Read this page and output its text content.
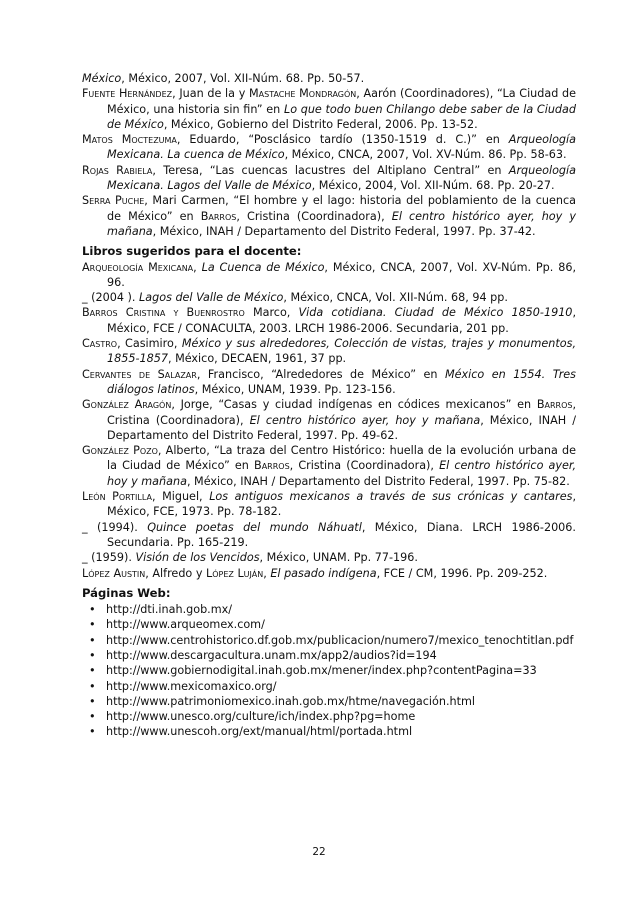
México, México, 2007, Vol. XII-Núm. 68. Pp. 50-57.

Fuente Hernández, Juan de la y Mastache Mondragón, Aarón (Coordinadores), “La Ciudad de México, una historia sin fin” en Lo que todo buen Chilango debe saber de la Ciudad de México, México, Gobierno del Distrito Federal, 2006. Pp. 13-52.

Matos Moctezuma, Eduardo, “Posclásico tardío (1350-1519 d. C.)” en Arqueología Mexicana. La cuenca de México, México, CNCA, 2007, Vol. XV-Núm. 86. Pp. 58-63.

Rojas Rabiela, Teresa, “Las cuencas lacustres del Altiplano Central” en Arqueología Mexicana. Lagos del Valle de México, México, 2004, Vol. XII-Núm. 68. Pp. 20-27.

Serra Puche, Mari Carmen, “El hombre y el lago: historia del poblamiento de la cuenca de México” en Barros, Cristina (Coordinadora), El centro histórico ayer, hoy y mañana, México, INAH / Departamento del Distrito Federal, 1997. Pp. 37-42.

Libros sugeridos para el docente:

Arqueología Mexicana, La Cuenca de México, México, CNCA, 2007, Vol. XV-Núm. Pp. 86, 96.

_ (2004 ). Lagos del Valle de México, México, CNCA, Vol. XII-Núm. 68, 94 pp.

Barros Cristina y Buenrostro Marco, Vida cotidiana. Ciudad de México 1850-1910, México, FCE / CONACULTA, 2003. LRCH 1986-2006. Secundaria, 201 pp.

Castro, Casimiro, México y sus alrededores, Colección de vistas, trajes y monumentos, 1855-1857, México, DECAEN, 1961, 37 pp.

Cervantes de Salazar, Francisco, “Alrededores de México” en México en 1554. Tres diálogos latinos, México, UNAM, 1939. Pp. 123-156.

González Aragón, Jorge, “Casas y ciudad indígenas en códices mexicanos” en Barros, Cristina (Coordinadora), El centro histórico ayer, hoy y mañana, México, INAH / Departamento del Distrito Federal, 1997. Pp. 49-62.

González Pozo, Alberto, “La traza del Centro Histórico: huella de la evolución urbana de la Ciudad de México” en Barros, Cristina (Coordinadora), El centro histórico ayer, hoy y mañana, México, INAH / Departamento del Distrito Federal, 1997. Pp. 75-82.

León Portilla, Miguel, Los antiguos mexicanos a través de sus crónicas y cantares, México, FCE, 1973. Pp. 78-182.

_ (1994). Quince poetas del mundo Náhuatl, México, Diana. LRCH 1986-2006. Secundaria. Pp. 165-219.

_ (1959). Visión de los Vencidos, México, UNAM. Pp. 77-196.

López Austin, Alfredo y López Luján, El pasado indígena, FCE / CM, 1996. Pp. 209-252.

Páginas Web:
• http://dti.inah.gob.mx/
• http://www.arqueomex.com/
• http://www.centrohistorico.df.gob.mx/publicacion/numero7/mexico_tenochtitlan.pdf
• http://www.descargacultura.unam.mx/app2/audios?id=194
• http://www.gobiernodigital.inah.gob.mx/mener/index.php?contentPagina=33
• http://www.mexicomaxico.org/
• http://www.patrimoniomexico.inah.gob.mx/htme/navegación.html
• http://www.unesco.org/culture/ich/index.php?pg=home
• http://www.unescoh.org/ext/manual/html/portada.html
22
